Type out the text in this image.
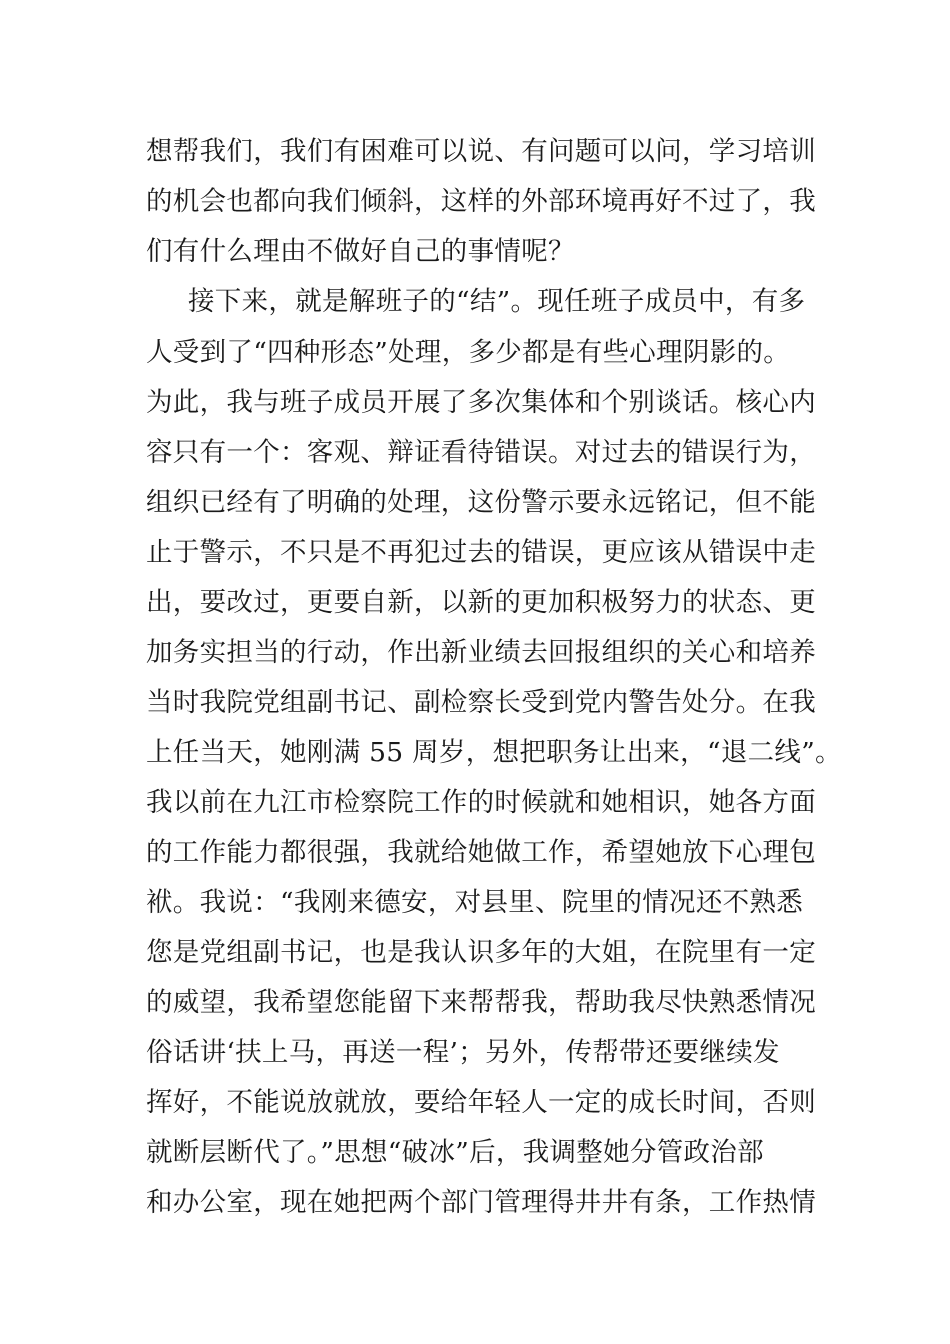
想帮我们，我们有困难可以说、有问题可以问，学习培训
的机会也都向我们倾斜，这样的外部环境再好不过了，我
们有什么理由不做好自己的事情呢？
接下来，就是解班子的“结”。现任班子成员中，有多
人受到了“四种形态”处理，多少都是有些心理阴影的。
为此，我与班子成员开展了多次集体和个别谈话。核心内
容只有一个：客观、辩证看待错误。对过去的错误行为，
组织已经有了明确的处理，这份警示要永远铭记，但不能
止于警示，不只是不再犯过去的错误，更应该从错误中走
出，要改过，更要自新，以新的更加积极努力的状态、更
加务实担当的行动，作出新业绩去回报组织的关心和培养
当时我院党组副书记、副检察长受到党内警告处分。在我
上任当天，她刚满 55 周岁，想把职务让出来，“退二线”。
我以前在九江市检察院工作的时候就和她相识，她各方面
的工作能力都很强，我就给她做工作，希望她放下心理包
袱。我说：“我刚来德安，对县里、院里的情况还不熟悉
您是党组副书记，也是我认识多年的大姐，在院里有一定
的威望，我希望您能留下来帮帮我，帮助我尽快熟悉情况
俗话讲‘扶上马，再送一程’；另外，传帮带还要继续发
挥好，不能说放就放，要给年轻人一定的成长时间，否则
就断层断代了。”思想“破冰”后，我调整她分管政治部
和办公室，现在她把两个部门管理得井井有条，工作热情
